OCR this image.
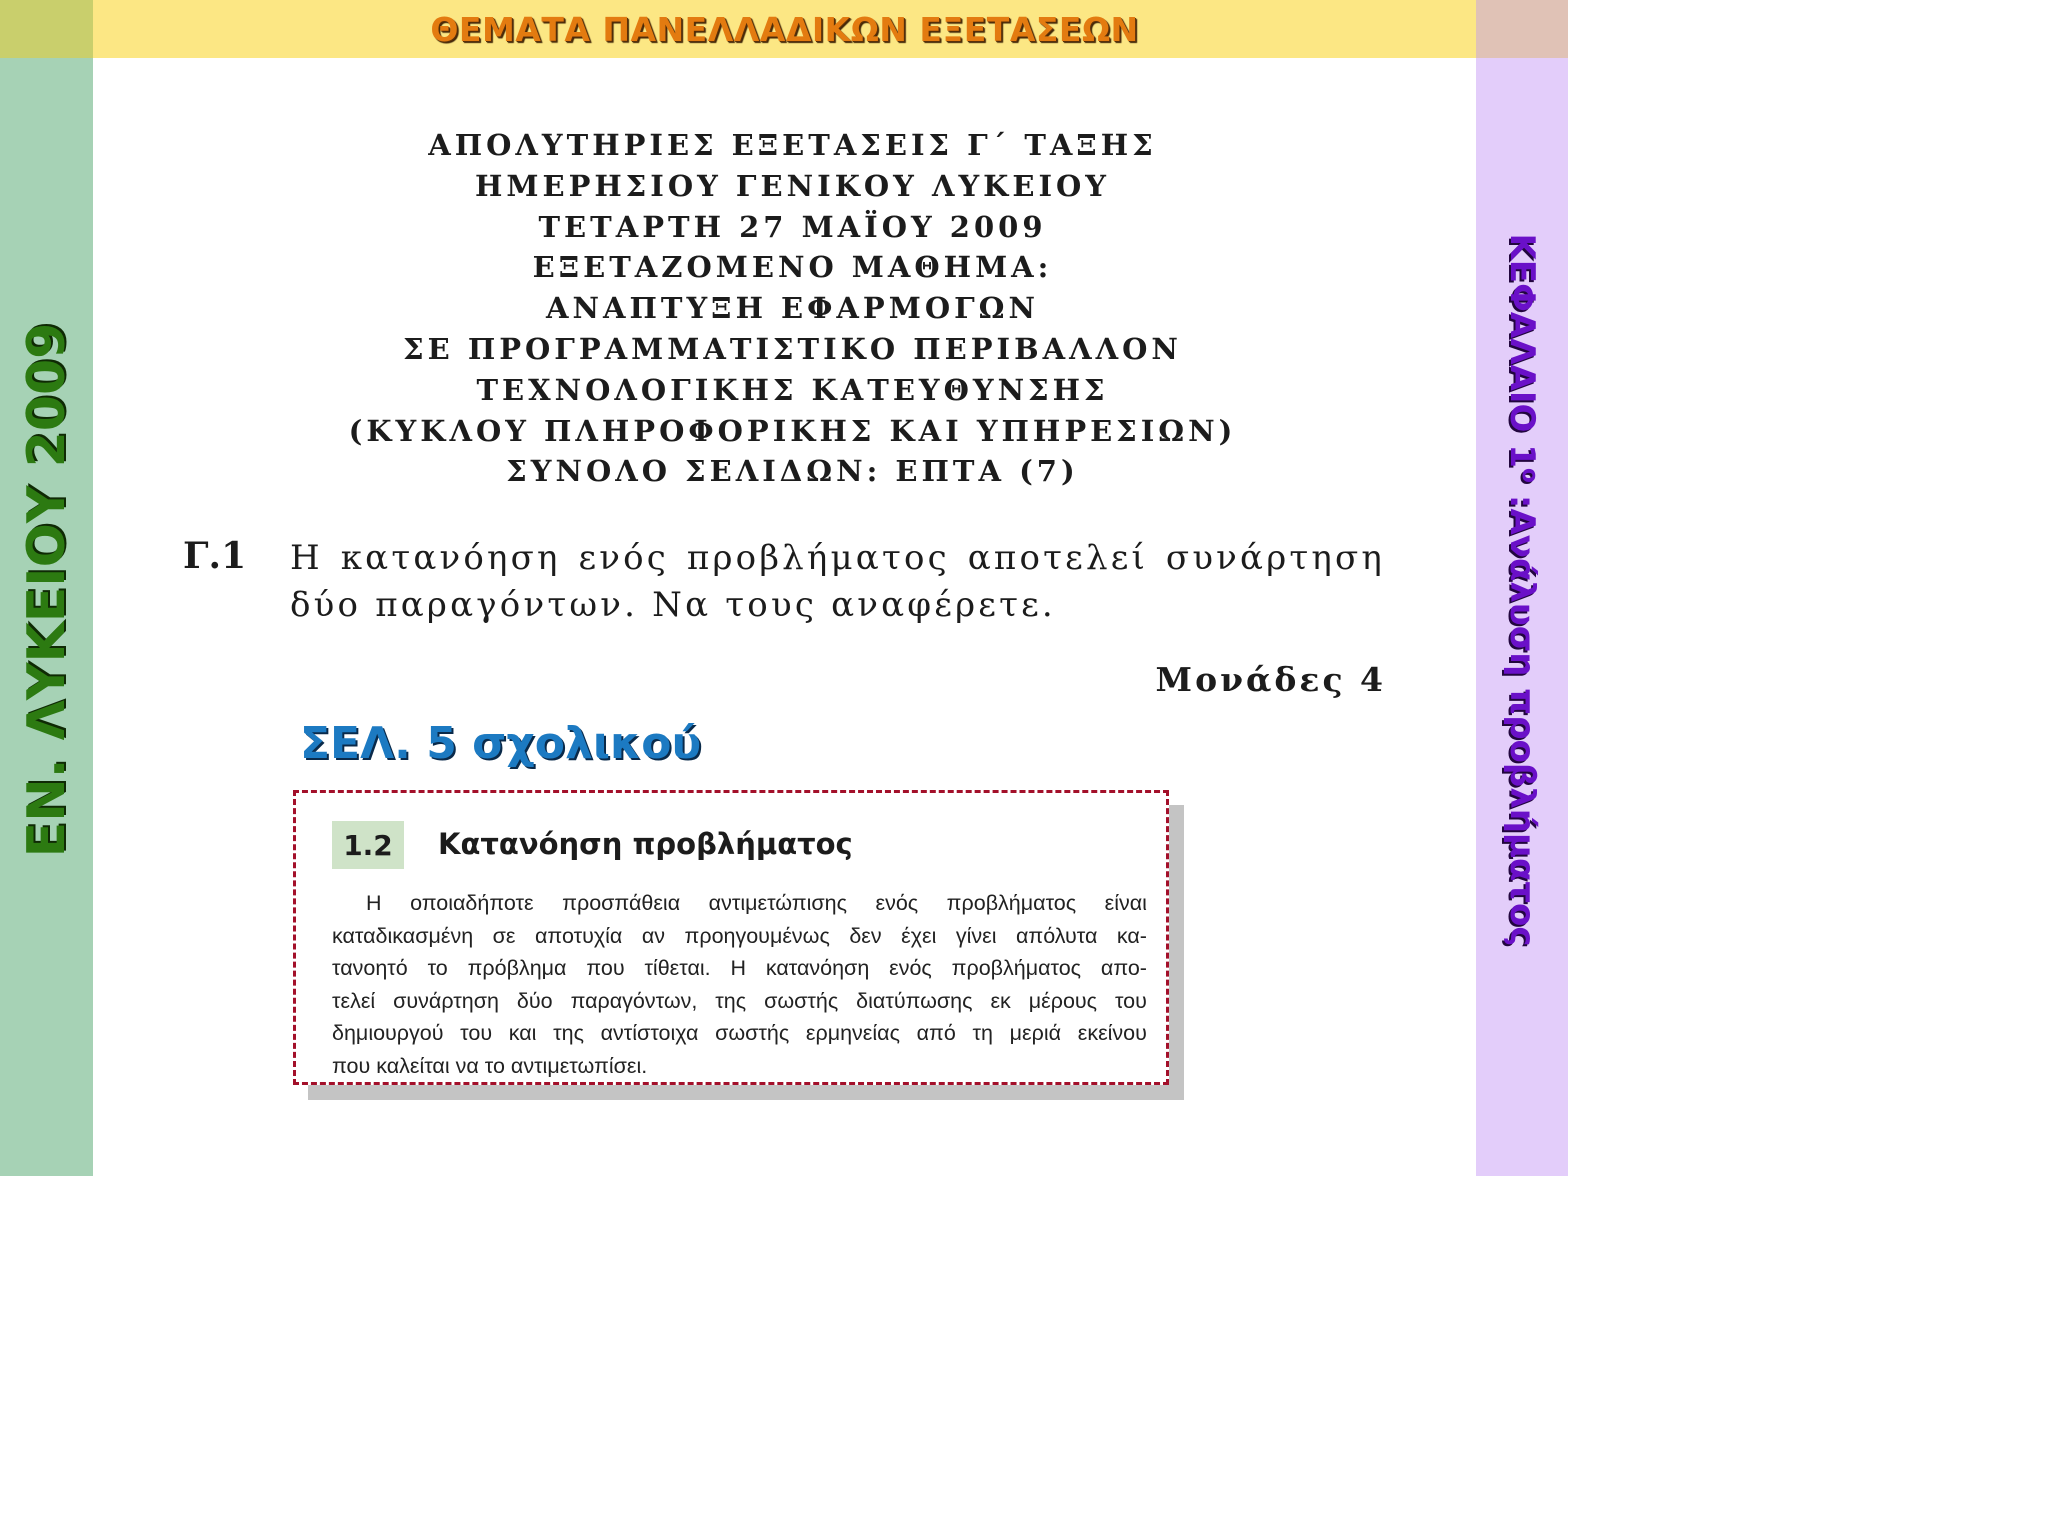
ΘΕΜΑΤΑ ΠΑΝΕΛΛΑΔΙΚΩΝ ΕΞΕΤΑΣΕΩΝ
ΕΝ. ΛΥΚΕΙΟΥ 2009	ΚΕΦΑΛΑΙΟ $1^o$ :Ανάλυση προβλήματος
ΑΠΟΛΥΤΗΡΙΕΣ ΕΞΕΤΑΣΕΙΣ Γ΄ ΤΑΞΗΣ
ΗΜΕΡΗΣΙΟΥ ΓΕΝΙΚΟΥ ΛΥΚΕΙΟΥ
ΤΕΤΑΡΤΗ 27 ΜΑΪΟΥ 2009
ΕΞΕΤΑΖΟΜΕΝΟ ΜΑΘΗΜΑ:
ΑΝΑΠΤΥΞΗ ΕΦΑΡΜΟΓΩΝ
ΣΕ ΠΡΟΓΡΑΜΜΑΤΙΣΤΙΚΟ ΠΕΡΙΒΑΛΛΟΝ
ΤΕΧΝΟΛΟΓΙΚΗΣ ΚΑΤΕΥΘΥΝΣΗΣ
(ΚΥΚΛΟΥ ΠΛΗΡΟΦΟΡΙΚΗΣ ΚΑΙ ΥΠΗΡΕΣΙΩΝ)
ΣΥΝΟΛΟ ΣΕΛΙΔΩΝ: ΕΠΤΑ (7)
Γ.1 Η κατανόηση ενός προβλήματος αποτελεί συνάρτηση
δύο παραγόντων. Να τους αναφέρετε.
Μονάδες 4
ΣΕΛ. 5 σχολικού
1.2	Κατανόηση προβλήματος
Η οποιαδήποτε προσπάθεια αντιμετώπισης ενός προβλήματος είναι
καταδικασμένη σε αποτυχία αν προηγουμένως δεν έχει γίνει απόλυτα κα-
τανοητό το πρόβλημα που τίθεται. Η κατανόηση ενός προβλήματος απο-
τελεί συνάρτηση δύο παραγόντων, της σωστής διατύπωσης εκ μέρους του
δημιουργού του και της αντίστοιχα σωστής ερμηνείας από τη μεριά εκείνου
που καλείται να το αντιμετωπίσει.
